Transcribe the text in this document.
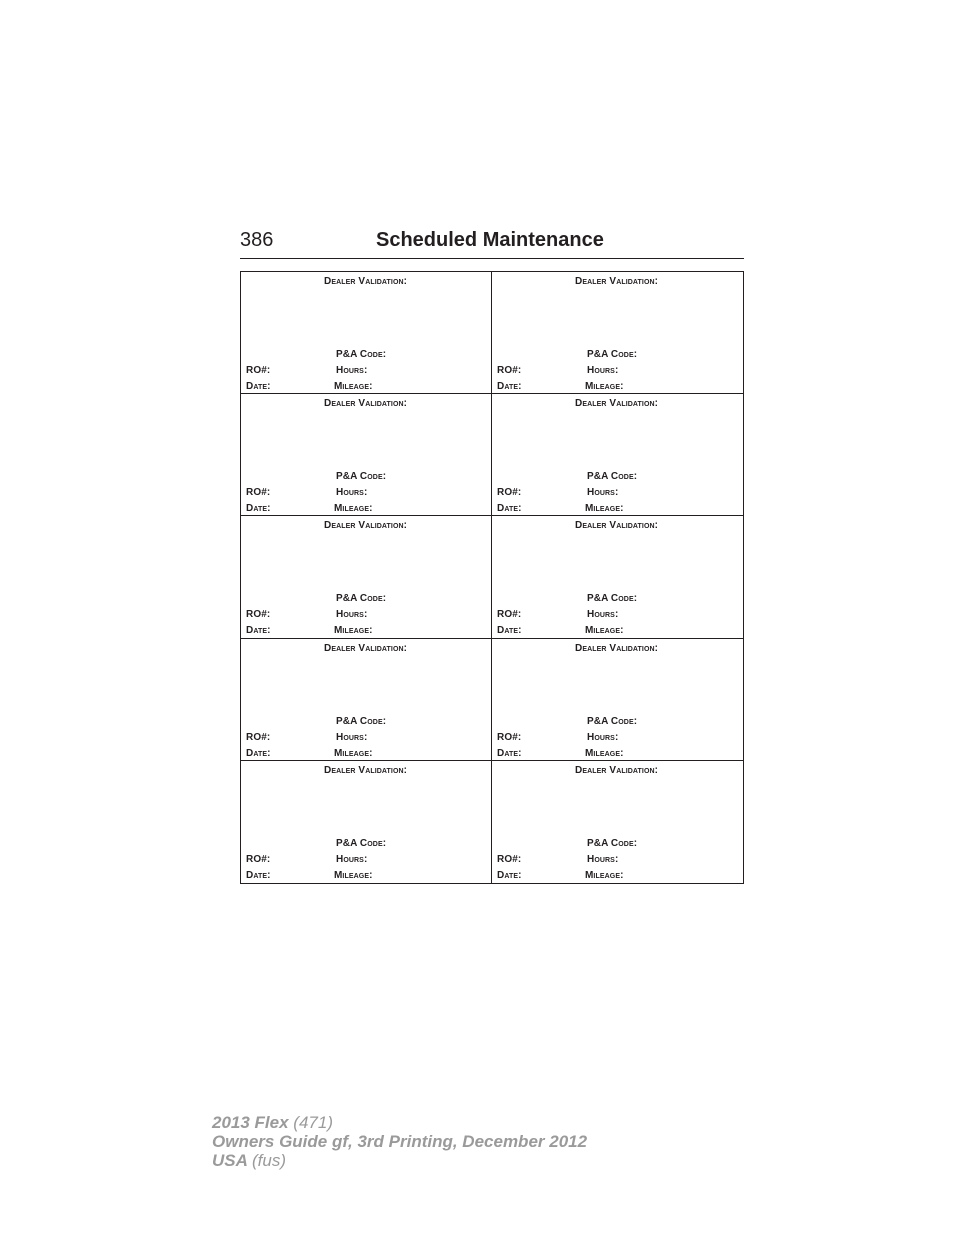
386	Scheduled Maintenance
Dealer Validation:
P&A Code:
RO#:	Hours:
Date:	Mileage:
Dealer Validation:
P&A Code:
RO#:	Hours:
Date:	Mileage:
Dealer Validation:
P&A Code:
RO#:	Hours:
Date:	Mileage:
Dealer Validation:
P&A Code:
RO#:	Hours:
Date:	Mileage:
Dealer Validation:
P&A Code:
RO#:	Hours:
Date:	Mileage:
Dealer Validation:
P&A Code:
RO#:	Hours:
Date:	Mileage:
Dealer Validation:
P&A Code:
RO#:	Hours:
Date:	Mileage:
Dealer Validation:
P&A Code:
RO#:	Hours:
Date:	Mileage:
Dealer Validation:
P&A Code:
RO#:	Hours:
Date:	Mileage:
Dealer Validation:
P&A Code:
RO#:	Hours:
Date:	Mileage:
2013 Flex (471)
Owners Guide gf, 3rd Printing, December 2012
USA (fus)
